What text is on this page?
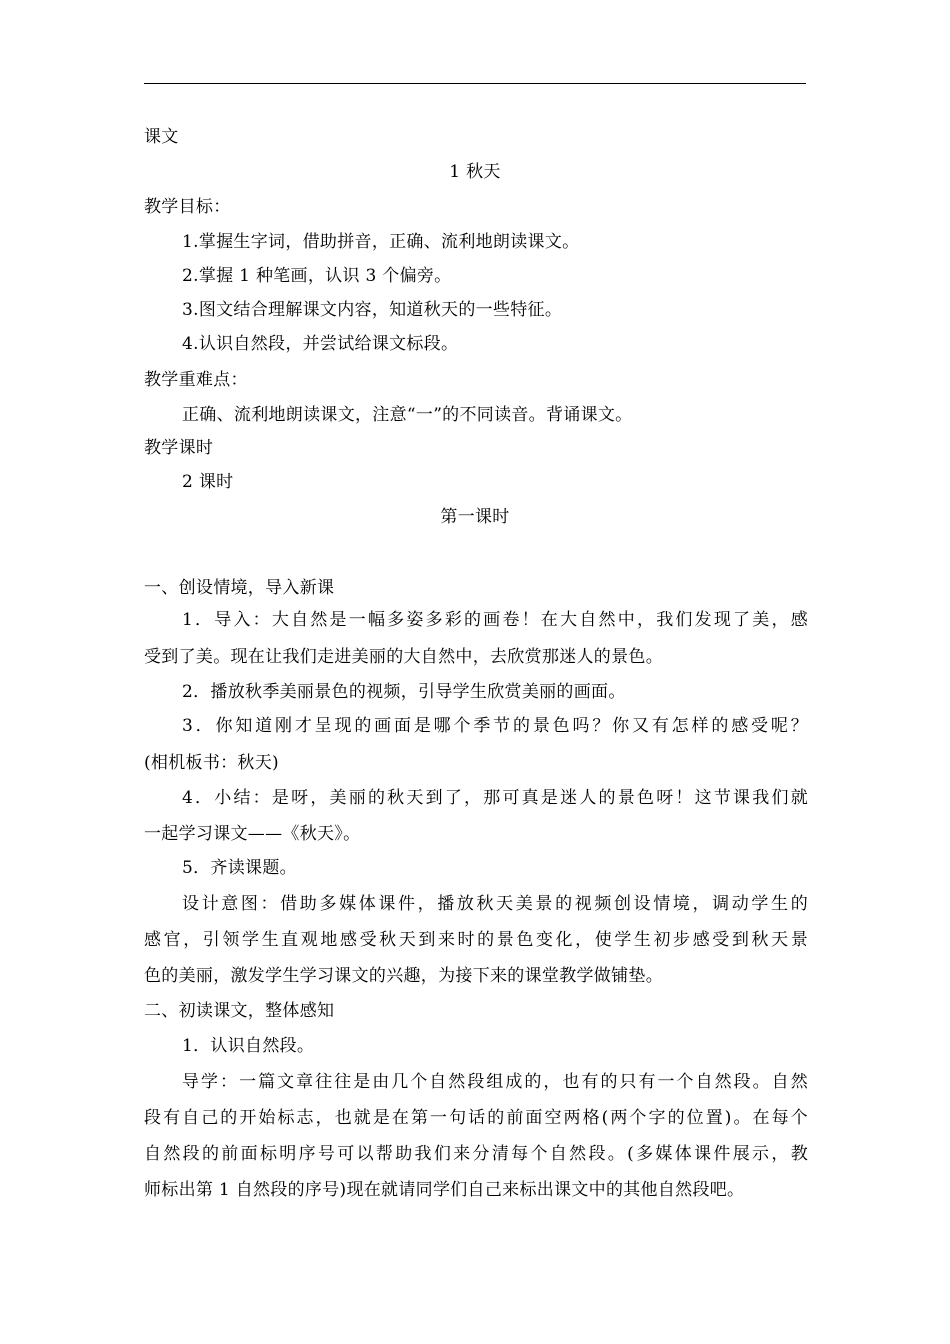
课文
1 秋天
教学目标：
1.掌握生字词，借助拼音，正确、流利地朗读课文。
2.掌握 1 种笔画，认识 3 个偏旁。
3.图文结合理解课文内容，知道秋天的一些特征。
4.认识自然段，并尝试给课文标段。
教学重难点：
正确、流利地朗读课文，注意“一”的不同读音。背诵课文。
教学课时
2 课时
第一课时
一、创设情境，导入新课
1．导入：大自然是一幅多姿多彩的画卷！在大自然中，我们发现了美，感
受到了美。现在让我们走进美丽的大自然中，去欣赏那迷人的景色。
2．播放秋季美丽景色的视频，引导学生欣赏美丽的画面。
3．你知道刚才呈现的画面是哪个季节的景色吗？你又有怎样的感受呢？
(相机板书：秋天)
4．小结：是呀，美丽的秋天到了，那可真是迷人的景色呀！这节课我们就
一起学习课文——《秋天》。
5．齐读课题。
设计意图：借助多媒体课件，播放秋天美景的视频创设情境，调动学生的
感官，引领学生直观地感受秋天到来时的景色变化，使学生初步感受到秋天景
色的美丽，激发学生学习课文的兴趣，为接下来的课堂教学做铺垫。
二、初读课文，整体感知
1．认识自然段。
导学：一篇文章往往是由几个自然段组成的，也有的只有一个自然段。自然
段有自己的开始标志，也就是在第一句话的前面空两格(两个字的位置)。在每个
自然段的前面标明序号可以帮助我们来分清每个自然段。(多媒体课件展示，教
师标出第 1 自然段的序号)现在就请同学们自己来标出课文中的其他自然段吧。
